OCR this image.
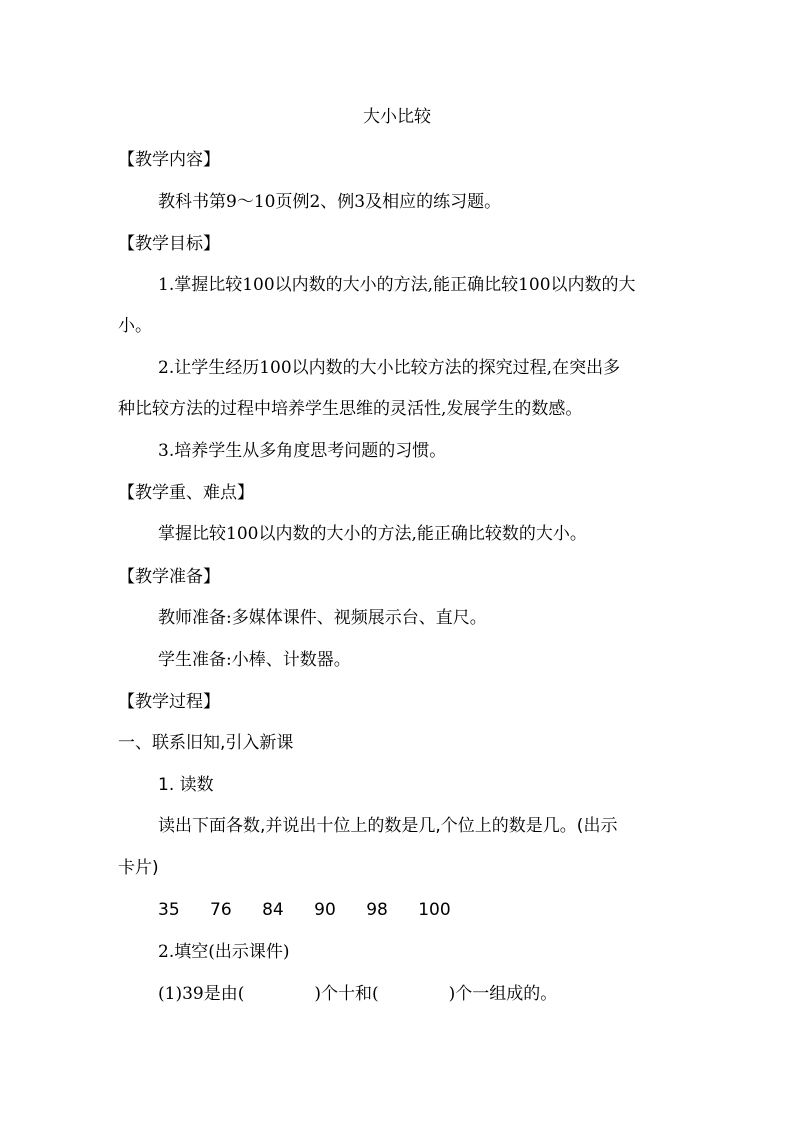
大小比较
【教学内容】
教科书第9～10页例2、例3及相应的练习题。
【教学目标】
1.掌握比较100以内数的大小的方法,能正确比较100以内数的大
小。
2.让学生经历100以内数的大小比较方法的探究过程,在突出多
种比较方法的过程中培养学生思维的灵活性,发展学生的数感。
3.培养学生从多角度思考问题的习惯。
【教学重、难点】
掌握比较100以内数的大小的方法,能正确比较数的大小。
【教学准备】
教师准备:多媒体课件、视频展示台、直尺。
学生准备:小棒、计数器。
【教学过程】
一、联系旧知,引入新课
1. 读数
读出下面各数,并说出十位上的数是几,个位上的数是几。(出示
卡片)
35 76 84 90 98 100
2.填空(出示课件)
(1)39是由(	)个十和(	)个一组成的。
